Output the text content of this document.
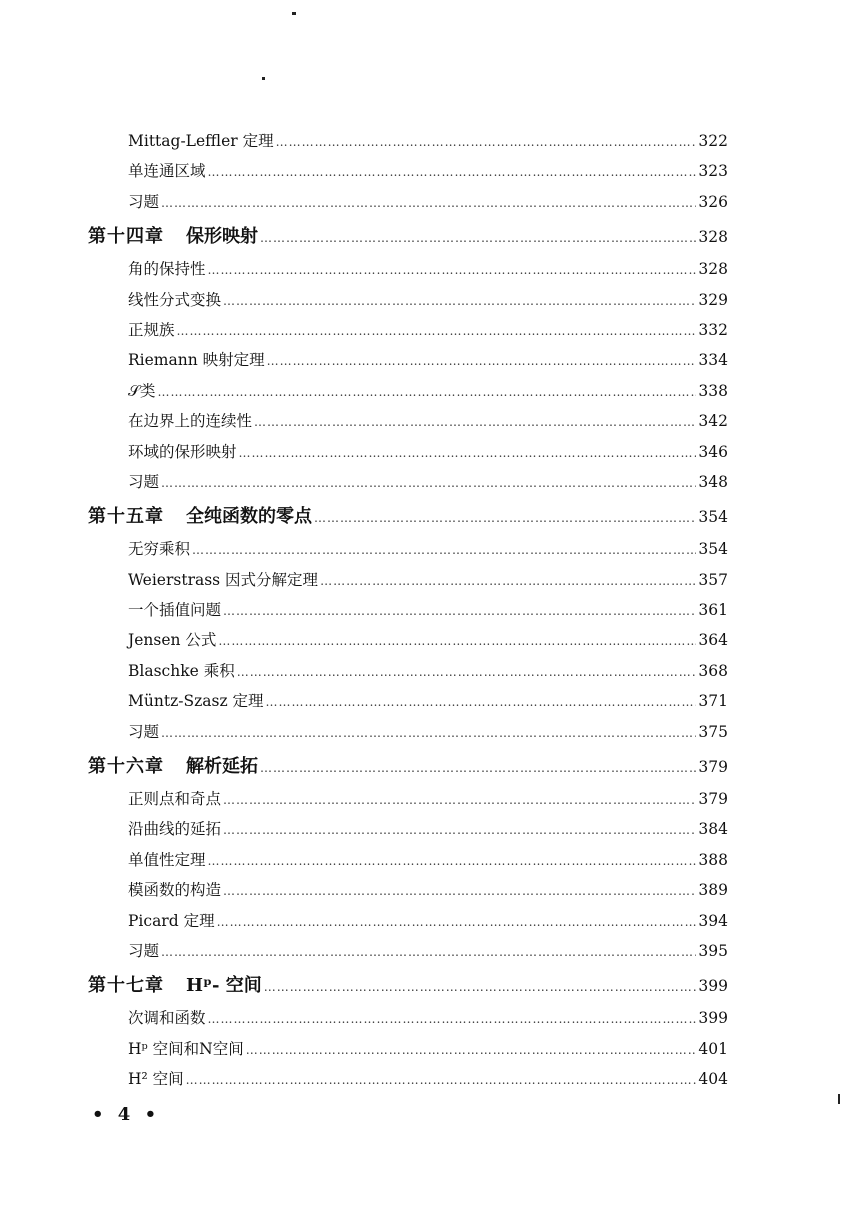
Mittag-Leffler 定理 ………………………………………………………………………………………………………………………………………………………………………………	322
单连通区域 ………………………………………………………………………………………………………………………………………………………………………………	323
习题 ………………………………………………………………………………………………………………………………………………………………………………	326
第十四章 保形映射 ………………………………………………………………………………………………………………………………………………………………………………	328
角的保持性 ………………………………………………………………………………………………………………………………………………………………………………	328
线性分式变换 ………………………………………………………………………………………………………………………………………………………………………………	329
正规族 ………………………………………………………………………………………………………………………………………………………………………………	332
Riemann 映射定理 ………………………………………………………………………………………………………………………………………………………………………………	334
𝒮类 ………………………………………………………………………………………………………………………………………………………………………………	338
在边界上的连续性 ………………………………………………………………………………………………………………………………………………………………………………	342
环域的保形映射 ………………………………………………………………………………………………………………………………………………………………………………	346
习题 ………………………………………………………………………………………………………………………………………………………………………………	348
第十五章 全纯函数的零点 ………………………………………………………………………………………………………………………………………………………………………………	354
无穷乘积 ………………………………………………………………………………………………………………………………………………………………………………	354
Weierstrass 因式分解定理 ………………………………………………………………………………………………………………………………………………………………………………	357
一个插值问题 ………………………………………………………………………………………………………………………………………………………………………………	361
Jensen 公式 ………………………………………………………………………………………………………………………………………………………………………………	364
Blaschke 乘积 ………………………………………………………………………………………………………………………………………………………………………………	368
Müntz-Szasz 定理 ………………………………………………………………………………………………………………………………………………………………………………	371
习题 ………………………………………………………………………………………………………………………………………………………………………………	375
第十六章 解析延拓 ………………………………………………………………………………………………………………………………………………………………………………	379
正则点和奇点 ………………………………………………………………………………………………………………………………………………………………………………	379
沿曲线的延拓 ………………………………………………………………………………………………………………………………………………………………………………	384
单值性定理 ………………………………………………………………………………………………………………………………………………………………………………	388
模函数的构造 ………………………………………………………………………………………………………………………………………………………………………………	389
Picard 定理 ………………………………………………………………………………………………………………………………………………………………………………	394
习题 ………………………………………………………………………………………………………………………………………………………………………………	395
第十七章 Hᵖ- 空间 ………………………………………………………………………………………………………………………………………………………………………………	399
次调和函数 ………………………………………………………………………………………………………………………………………………………………………………	399
Hᵖ 空间和N空间 ………………………………………………………………………………………………………………………………………………………………………………	401
H² 空间 ………………………………………………………………………………………………………………………………………………………………………………	404
• 4 •
